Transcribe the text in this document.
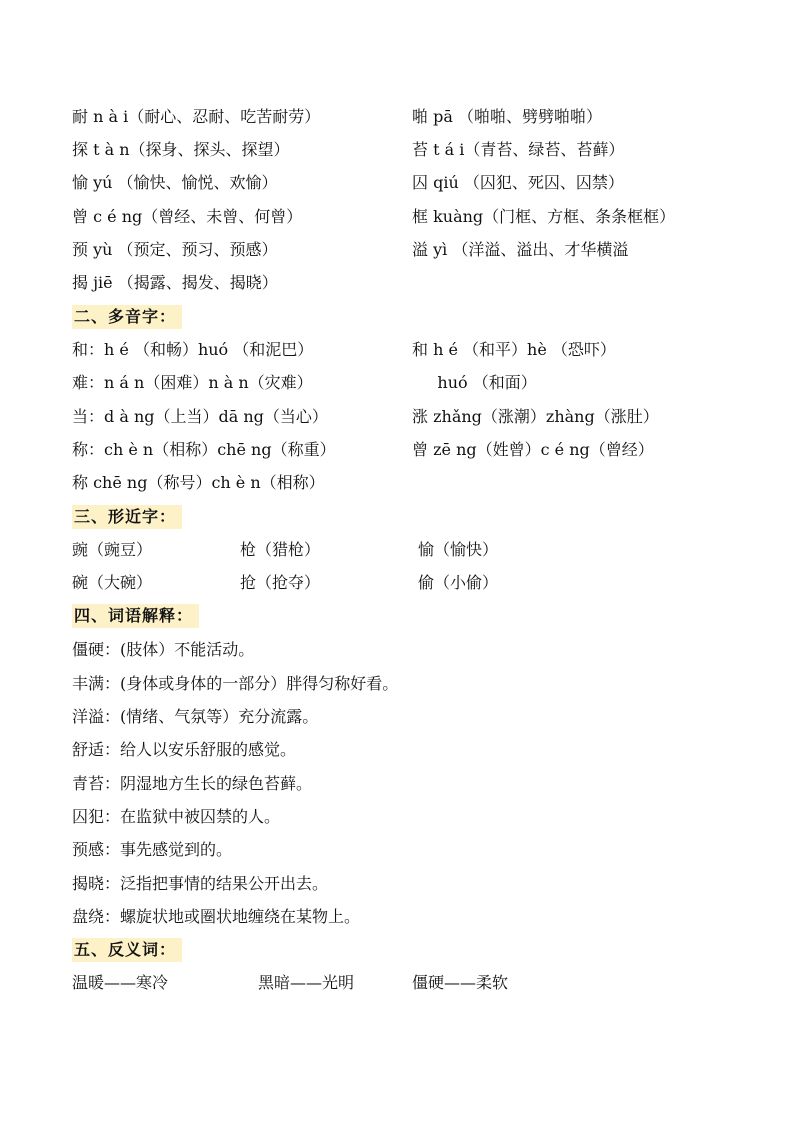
耐 n à i（耐心、忍耐、吃苦耐劳）	啪 pā （啪啪、劈劈啪啪）
探 t à n（探身、探头、探望）	苔 t á i（青苔、绿苔、苔藓）
愉 yú （愉快、愉悦、欢愉）	囚 qiú （囚犯、死囚、囚禁）
曾 c é ng（曾经、未曾、何曾）	框 kuàng（门框、方框、条条框框）
预 yù （预定、预习、预感）	溢 yì （洋溢、溢出、才华横溢
揭 jiē （揭露、揭发、揭晓）
二、多音字：
和：h é （和畅）huó （和泥巴）	和 h é （和平）hè （恐吓）
难：n á n（困难）n à n（灾难）	huó （和面）
当：d à ng（上当）dā ng（当心）	涨 zhǎng（涨潮）zhàng（涨肚）
称：ch è n（相称）chē ng（称重）	曾 zē ng（姓曾）c é ng（曾经）
称 chē ng（称号）ch è n（相称）
三、形近字：
豌（豌豆）	枪（猎枪）	愉（愉快）
碗（大碗）	抢（抢夺）	偷（小偷）
四、词语解释：
僵硬：(肢体）不能活动。
丰满：(身体或身体的一部分）胖得匀称好看。
洋溢：(情绪、气氛等）充分流露。
舒适：给人以安乐舒服的感觉。
青苔：阴湿地方生长的绿色苔藓。
囚犯：在监狱中被囚禁的人。
预感：事先感觉到的。
揭晓：泛指把事情的结果公开出去。
盘绕：螺旋状地或圈状地缠绕在某物上。
五、反义词：
温暖——寒冷	黑暗——光明	僵硬——柔软
